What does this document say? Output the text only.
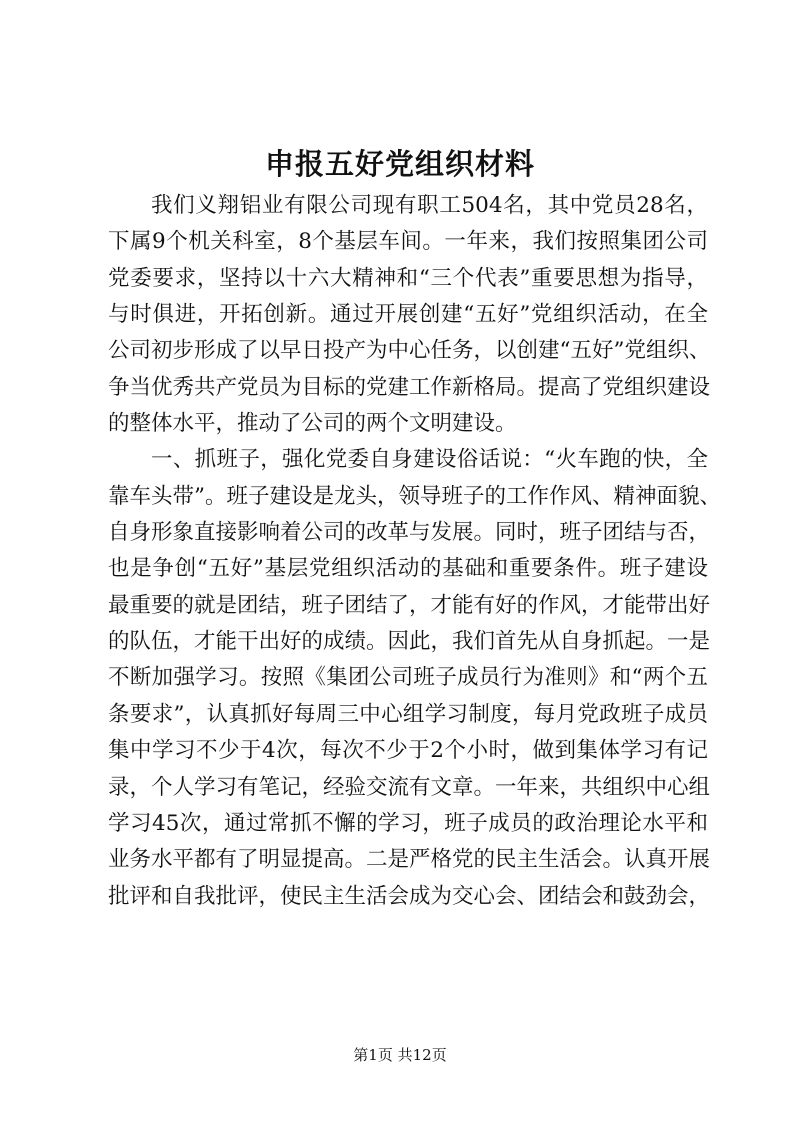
申报五好党组织材料
我们义翔铝业有限公司现有职工504名，其中党员28名，
下属9个机关科室，8个基层车间。一年来，我们按照集团公司
党委要求，坚持以十六大精神和“三个代表”重要思想为指导，
与时俱进，开拓创新。通过开展创建“五好”党组织活动，在全
公司初步形成了以早日投产为中心任务，以创建“五好”党组织、
争当优秀共产党员为目标的党建工作新格局。提高了党组织建设
的整体水平，推动了公司的两个文明建设。
一、抓班子，强化党委自身建设俗话说：“火车跑的快，全
靠车头带”。班子建设是龙头，领导班子的工作作风、精神面貌、
自身形象直接影响着公司的改革与发展。同时，班子团结与否，
也是争创“五好”基层党组织活动的基础和重要条件。班子建设
最重要的就是团结，班子团结了，才能有好的作风，才能带出好
的队伍，才能干出好的成绩。因此，我们首先从自身抓起。一是
不断加强学习。按照《集团公司班子成员行为准则》和“两个五
条要求”，认真抓好每周三中心组学习制度，每月党政班子成员
集中学习不少于4次，每次不少于2个小时，做到集体学习有记
录，个人学习有笔记，经验交流有文章。一年来，共组织中心组
学习45次，通过常抓不懈的学习，班子成员的政治理论水平和
业务水平都有了明显提高。二是严格党的民主生活会。认真开展
批评和自我批评，使民主生活会成为交心会、团结会和鼓劲会，
第1页 共12页
